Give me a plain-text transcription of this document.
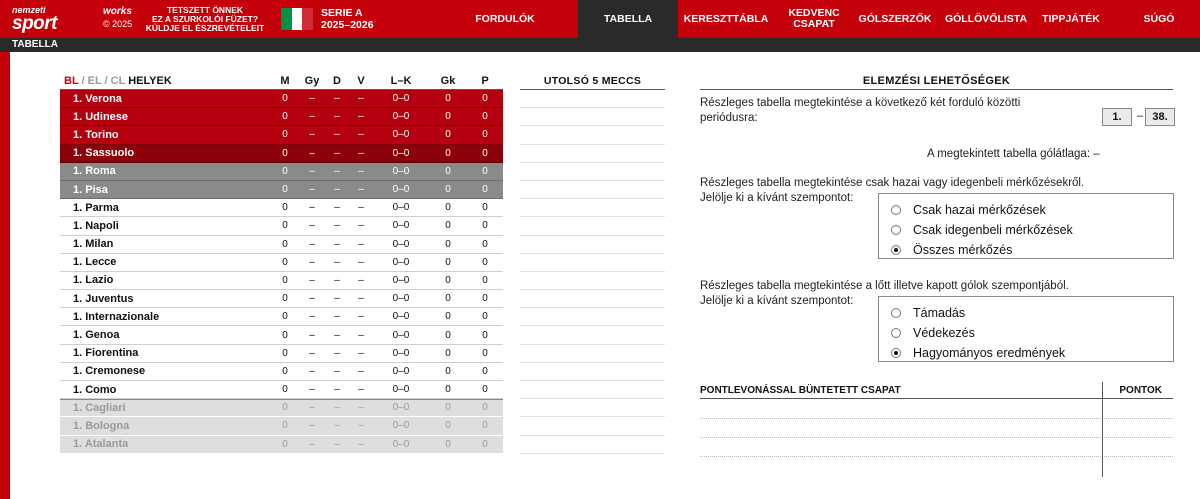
nemzeti
sport
works
© 2025
TETSZETT ÖNNEK
EZ A SZURKOLÓI FÜZET?
KÜLDJE EL ÉSZREVÉTELEIT
SERIE A
2025–2026
FORDULÓK	TABELLA	KERESZTTÁBLA	KEDVENC CSAPAT	GÓLSZERZŐK	GÓLLÖVŐLISTA	TIPPJÁTÉK	SÚGÓ
TABELLA
BL / EL / CL HELYEK	M	Gy	D	V	L–K	Gk	P
1. Verona	0	–	–	–	0–0	0	0
1. Udinese	0	–	–	–	0–0	0	0
1. Torino	0	–	–	–	0–0	0	0
1. Sassuolo	0	–	–	–	0–0	0	0
1. Roma	0	–	–	–	0–0	0	0
1. Pisa	0	–	–	–	0–0	0	0
1. Parma	0	–	–	–	0–0	0	0
1. Napoli	0	–	–	–	0–0	0	0
1. Milan	0	–	–	–	0–0	0	0
1. Lecce	0	–	–	–	0–0	0	0
1. Lazio	0	–	–	–	0–0	0	0
1. Juventus	0	–	–	–	0–0	0	0
1. Internazionale	0	–	–	–	0–0	0	0
1. Genoa	0	–	–	–	0–0	0	0
1. Fiorentina	0	–	–	–	0–0	0	0
1. Cremonese	0	–	–	–	0–0	0	0
1. Como	0	–	–	–	0–0	0	0
1. Cagliari	0	–	–	–	0–0	0	0
1. Bologna	0	–	–	–	0–0	0	0
1. Atalanta	0	–	–	–	0–0	0	0
UTOLSÓ 5 MECCS	ELEMZÉSI LEHETŐSÉGEK
Részleges tabella megtekintése a következő két forduló közötti
periódusra:	1.	– 38.
A megtekintett tabella gólátlaga: –
Részleges tabella megtekintése csak hazai vagy idegenbeli mérkőzésekről.
Jelölje ki a kívánt szempontot:
Csak hazai mérkőzések
Csak idegenbeli mérkőzések
Összes mérkőzés
Részleges tabella megtekintése a lőtt illetve kapott gólok szempontjából.
Jelölje ki a kívánt szempontot:
Támadás
Védekezés
Hagyományos eredmények
PONTLEVONÁSSAL BÜNTETETT CSAPAT	PONTOK
